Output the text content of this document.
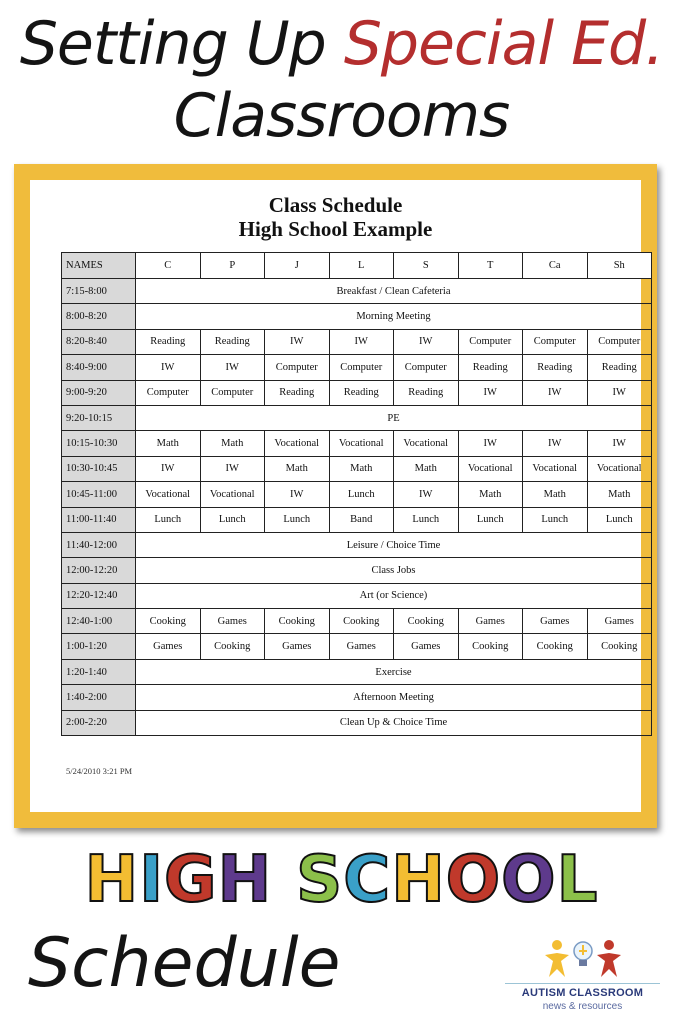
Setting Up Special Ed.
Classrooms
Class Schedule
High School Example
NAMES	C	P	J	L	S	T	Ca	Sh
7:15-8:00	Breakfast / Clean Cafeteria							
8:00-8:20	Morning Meeting							
8:20-8:40	Reading	Reading	IW	IW	IW	Computer	Computer	Computer
8:40-9:00	IW	IW	Computer	Computer	Computer	Reading	Reading	Reading
9:00-9:20	Computer	Computer	Reading	Reading	Reading	IW	IW	IW
9:20-10:15	PE							
10:15-10:30	Math	Math	Vocational	Vocational	Vocational	IW	IW	IW
10:30-10:45	IW	IW	Math	Math	Math	Vocational	Vocational	Vocational
10:45-11:00	Vocational	Vocational	IW	Lunch	IW	Math	Math	Math
11:00-11:40	Lunch	Lunch	Lunch	Band	Lunch	Lunch	Lunch	Lunch
11:40-12:00	Leisure / Choice Time							
12:00-12:20	Class Jobs							
12:20-12:40	Art (or Science)							
12:40-1:00	Cooking	Games	Cooking	Cooking	Cooking	Games	Games	Games
1:00-1:20	Games	Cooking	Games	Games	Games	Cooking	Cooking	Cooking
1:20-1:40	Exercise							
1:40-2:00	Afternoon Meeting							
2:00-2:20	Clean Up & Choice Time							
5/24/2010 3:21 PM
HIGH SCHOOL
Schedule	AUTISM CLASSROOM
news & resources
